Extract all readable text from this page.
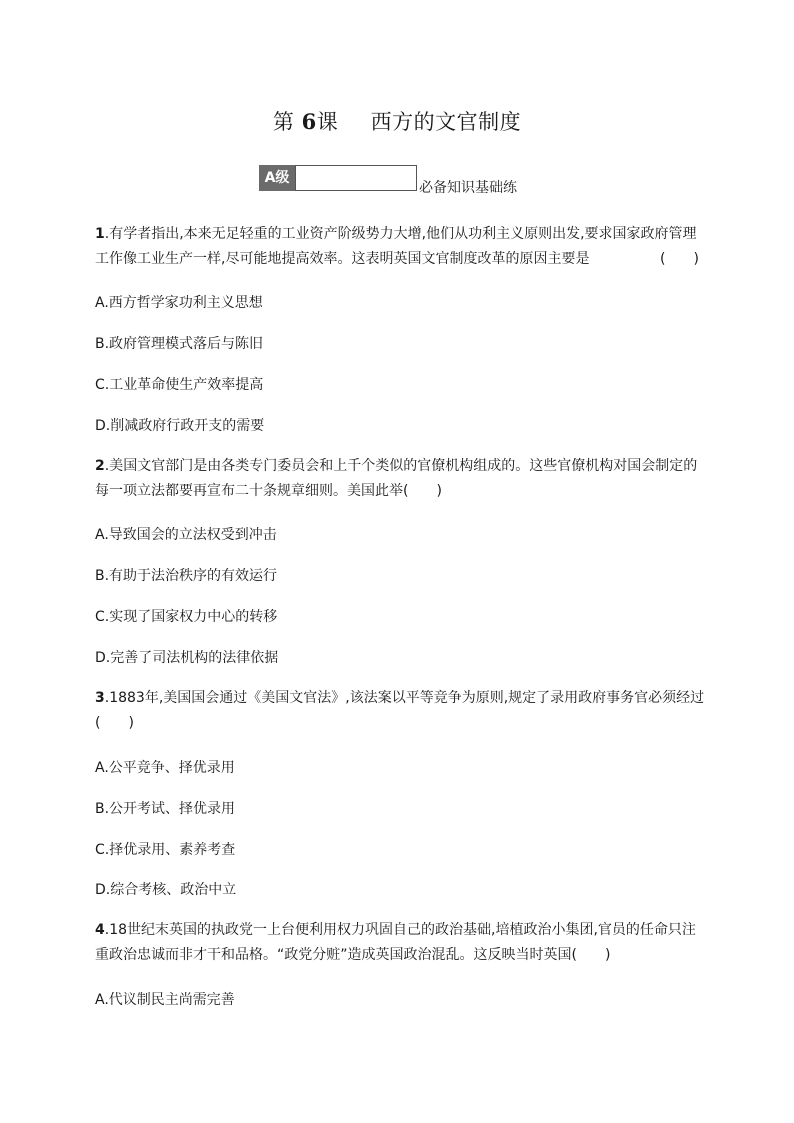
第 6课 西方的文官制度
A级
必备知识基础练
1.有学者指出,本来无足轻重的工业资产阶级势力大增,他们从功利主义原则出发,要求国家政府管理
工作像工业生产一样,尽可能地提高效率。这表明英国文官制度改革的原因主要是	(　　)
A.西方哲学家功利主义思想
B.政府管理模式落后与陈旧
C.工业革命使生产效率提高
D.削减政府行政开支的需要
2.美国文官部门是由各类专门委员会和上千个类似的官僚机构组成的。这些官僚机构对国会制定的
每一项立法都要再宣布二十条规章细则。美国此举(　　)
A.导致国会的立法权受到冲击
B.有助于法治秩序的有效运行
C.实现了国家权力中心的转移
D.完善了司法机构的法律依据
3.1883年,美国国会通过《美国文官法》,该法案以平等竞争为原则,规定了录用政府事务官必须经过
(　　)
A.公平竞争、择优录用
B.公开考试、择优录用
C.择优录用、素养考查
D.综合考核、政治中立
4.18世纪末英国的执政党一上台便利用权力巩固自己的政治基础,培植政治小集团,官员的任命只注
重政治忠诚而非才干和品格。“政党分赃”造成英国政治混乱。这反映当时英国(　　)
A.代议制民主尚需完善
